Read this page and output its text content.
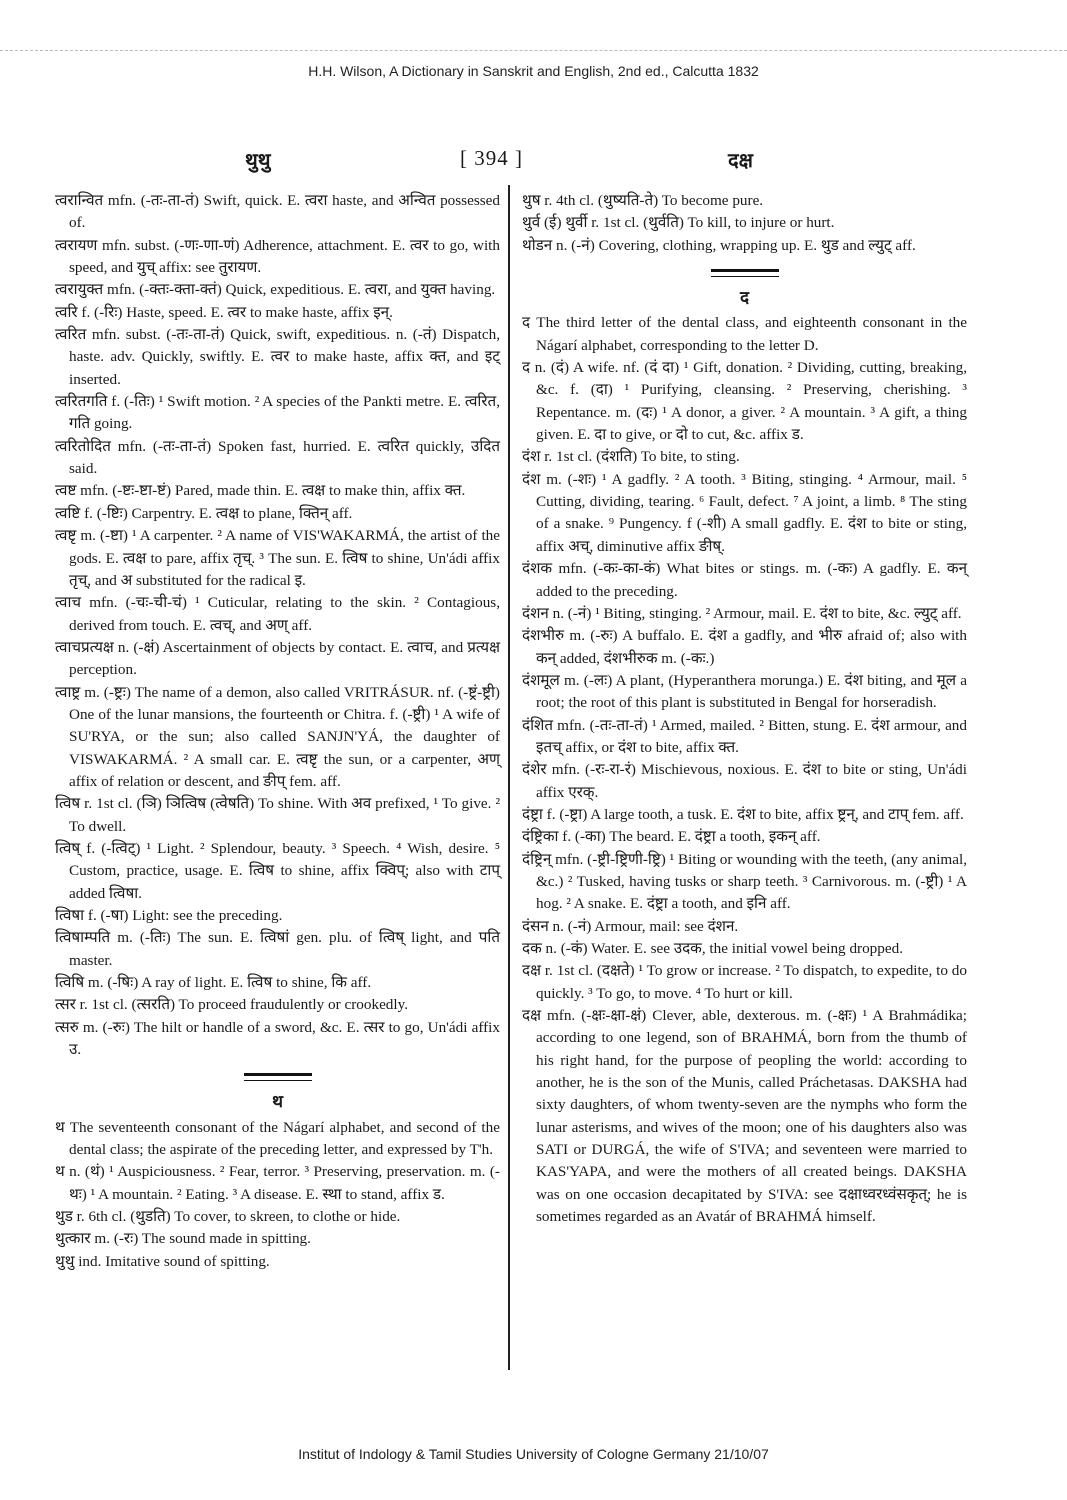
H.H. Wilson, A Dictionary in Sanskrit and English, 2nd ed., Calcutta 1832
थुथु	[ 394 ]	दक्ष

त्वरान्वित mfn. (-तः-ता-तं) Swift, quick. E. त्वरा haste, and अन्वित possessed of.

त्वरायण mfn. subst. (-णः-णा-णं) Adherence, attachment. E. त्वर to go, with speed, and युच् affix: see तुरायण.

त्वरायुक्त mfn. (-क्तः-क्ता-क्तं) Quick, expeditious. E. त्वरा, and युक्त having.

त्वरि f. (-रिः) Haste, speed. E. त्वर to make haste, affix इन्.

त्वरित mfn. subst. (-तः-ता-तं) Quick, swift, expeditious. n. (-तं) Dispatch, haste. adv. Quickly, swiftly. E. त्वर to make haste, affix क्त, and इट् inserted.

त्वरितगति f. (-तिः) ¹ Swift motion. ² A species of the Pankti metre. E. त्वरित, गति going.

त्वरितोदित mfn. (-तः-ता-तं) Spoken fast, hurried. E. त्वरित quickly, उदित said.

त्वष्ट mfn. (-ष्टः-ष्टा-ष्टं) Pared, made thin. E. त्वक्ष to make thin, affix क्त.

त्वष्टि f. (-ष्टिः) Carpentry. E. त्वक्ष to plane, क्तिन् aff.

त्वष्टृ m. (-ष्टा) ¹ A carpenter. ² A name of VIS'WAKARMÁ, the artist of the gods. E. त्वक्ष to pare, affix तृच्. ³ The sun. E. त्विष to shine, Un'ádi affix तृच्, and अ substituted for the radical इ.

त्वाच mfn. (-चः-ची-चं) ¹ Cuticular, relating to the skin. ² Contagious, derived from touch. E. त्वच्, and अण् aff.

त्वाचप्रत्यक्ष n. (-क्षं) Ascertainment of objects by contact. E. त्वाच, and प्रत्यक्ष perception.

त्वाष्ट्र m. (-ष्ट्रः) The name of a demon, also called VRITRÁSUR. nf. (-ष्ट्रं-ष्ट्री) One of the lunar mansions, the fourteenth or Chitra. f. (-ष्ट्री) ¹ A wife of SU'RYA, or the sun; also called SANJN'YÁ, the daughter of VISWAKARMÁ. ² A small car. E. त्वष्टृ the sun, or a carpenter, अण् affix of relation or descent, and ङीप् fem. aff.

त्विष r. 1st cl. (ञि) ञित्विष (त्वेषति) To shine. With अव prefixed, ¹ To give. ² To dwell.

त्विष् f. (-त्विट्) ¹ Light. ² Splendour, beauty. ³ Speech. ⁴ Wish, desire. ⁵ Custom, practice, usage. E. त्विष to shine, affix क्विप्; also with टाप् added त्विषा.

त्विषा f. (-षा) Light: see the preceding.

त्विषाम्पति m. (-तिः) The sun. E. त्विषां gen. plu. of त्विष् light, and पति master.

त्विषि m. (-षिः) A ray of light. E. त्विष to shine, कि aff.

त्सर r. 1st cl. (त्सरति) To proceed fraudulently or crookedly.

त्सरु m. (-रुः) The hilt or handle of a sword, &c. E. त्सर to go, Un'ádi affix उ.

थ

थ The seventeenth consonant of the Nágarí alphabet, and second of the dental class; the aspirate of the preceding letter, and expressed by T'h.

थ n. (थं) ¹ Auspiciousness. ² Fear, terror. ³ Preserving, preservation. m. (-थः) ¹ A mountain. ² Eating. ³ A disease. E. स्था to stand, affix ड.

थुड r. 6th cl. (थुडति) To cover, to skreen, to clothe or hide.

थुत्कार m. (-रः) The sound made in spitting.

थुथु ind. Imitative sound of spitting.

थुष r. 4th cl. (थुष्यति-ते) To become pure.

थुर्व (ई) थुर्वी r. 1st cl. (थुर्वति) To kill, to injure or hurt.

थोडन n. (-नं) Covering, clothing, wrapping up. E. थुड and ल्युट् aff.

द

द The third letter of the dental class, and eighteenth consonant in the Nágarí alphabet, corresponding to the letter D.

द n. (दं) A wife. nf. (दं दा) ¹ Gift, donation. ² Dividing, cutting, breaking, &c. f. (दा) ¹ Purifying, cleansing. ² Preserving, cherishing. ³ Repentance. m. (दः) ¹ A donor, a giver. ² A mountain. ³ A gift, a thing given. E. दा to give, or दो to cut, &c. affix ड.

दंश r. 1st cl. (दंशति) To bite, to sting.

दंश m. (-शः) ¹ A gadfly. ² A tooth. ³ Biting, stinging. ⁴ Armour, mail. ⁵ Cutting, dividing, tearing. ⁶ Fault, defect. ⁷ A joint, a limb. ⁸ The sting of a snake. ⁹ Pungency. f (-शी) A small gadfly. E. दंश to bite or sting, affix अच्, diminutive affix ङीष्.

दंशक mfn. (-कः-का-कं) What bites or stings. m. (-कः) A gadfly. E. कन् added to the preceding.

दंशन n. (-नं) ¹ Biting, stinging. ² Armour, mail. E. दंश to bite, &c. ल्युट् aff.

दंशभीरु m. (-रुः) A buffalo. E. दंश a gadfly, and भीरु afraid of; also with कन् added, दंशभीरुक m. (-कः.)

दंशमूल m. (-लः) A plant, (Hyperanthera morunga.) E. दंश biting, and मूल a root; the root of this plant is substituted in Bengal for horseradish.

दंशित mfn. (-तः-ता-तं) ¹ Armed, mailed. ² Bitten, stung. E. दंश armour, and इतच् affix, or दंश to bite, affix क्त.

दंशेर mfn. (-रः-रा-रं) Mischievous, noxious. E. दंश to bite or sting, Un'ádi affix एरक्.

दंष्ट्रा f. (-ष्ट्रा) A large tooth, a tusk. E. दंश to bite, affix ष्ट्रन्, and टाप् fem. aff.

दंष्ट्रिका f. (-का) The beard. E. दंष्ट्रा a tooth, इकन् aff.

दंष्ट्रिन् mfn. (-ष्ट्री-ष्ट्रिणी-ष्ट्रि) ¹ Biting or wounding with the teeth, (any animal, &c.) ² Tusked, having tusks or sharp teeth. ³ Carnivorous. m. (-ष्ट्री) ¹ A hog. ² A snake. E. दंष्ट्रा a tooth, and इनि aff.

दंसन n. (-नं) Armour, mail: see दंशन.

दक n. (-कं) Water. E. see उदक, the initial vowel being dropped.

दक्ष r. 1st cl. (दक्षते) ¹ To grow or increase. ² To dispatch, to expedite, to do quickly. ³ To go, to move. ⁴ To hurt or kill.

दक्ष mfn. (-क्षः-क्षा-क्षं) Clever, able, dexterous. m. (-क्षः) ¹ A Brahmádika; according to one legend, son of BRAHMÁ, born from the thumb of his right hand, for the purpose of peopling the world: according to another, he is the son of the Munis, called Práchetasas. DAKSHA had sixty daughters, of whom twenty-seven are the nymphs who form the lunar asterisms, and wives of the moon; one of his daughters also was SATI or DURGÁ, the wife of S'IVA; and seventeen were married to KAS'YAPA, and were the mothers of all created beings. DAKSHA was on one occasion decapitated by S'IVA: see दक्षाध्वरध्वंसकृत्; he is sometimes regarded as an Avatár of BRAHMÁ himself.

Institut of Indology & Tamil Studies University of Cologne Germany 21/10/07
